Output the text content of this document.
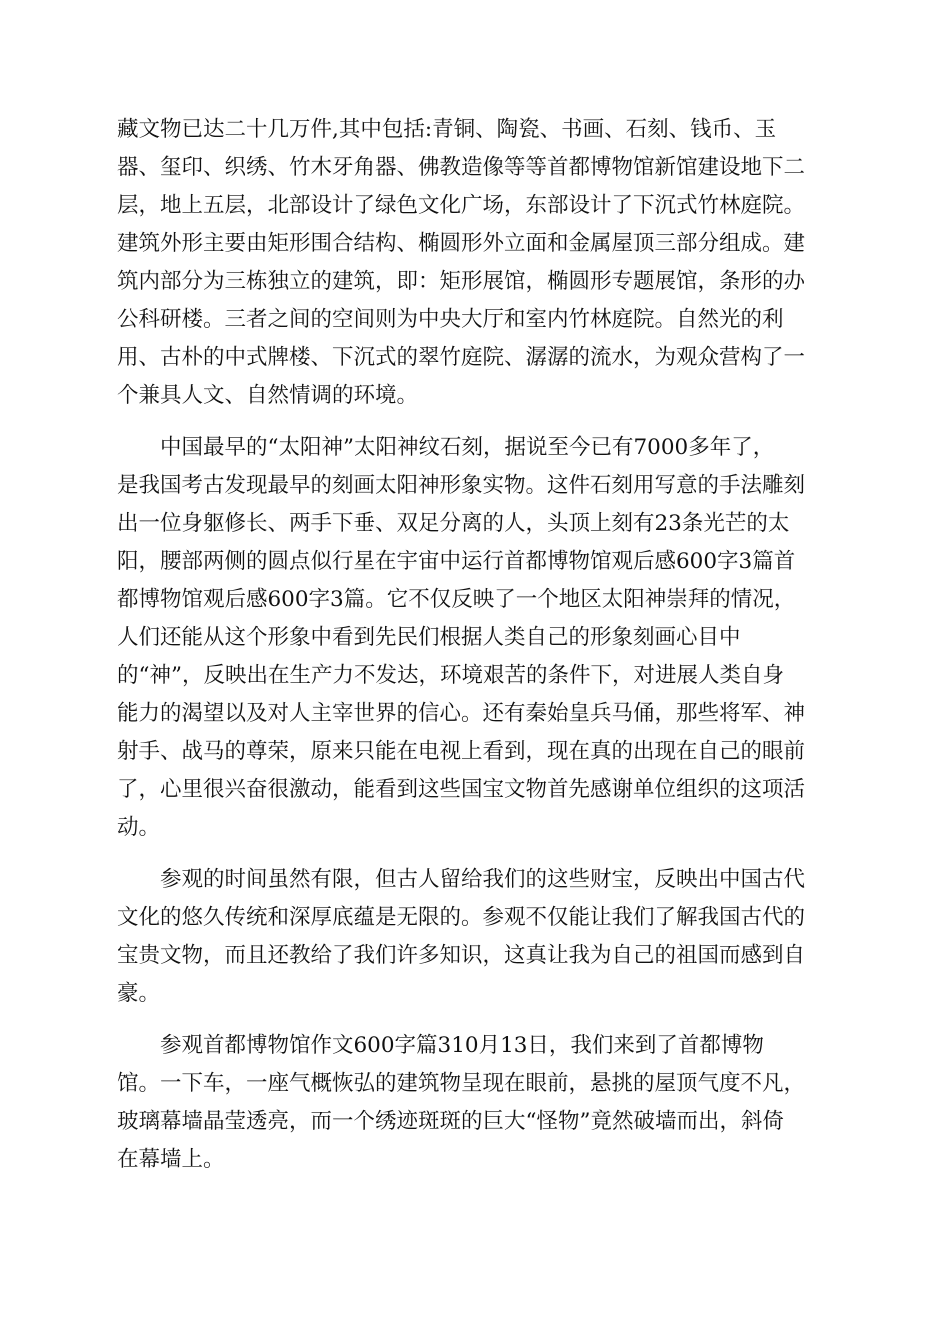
藏文物已达二十几万件,其中包括:青铜、陶瓷、书画、石刻、钱币、玉
器、玺印、织绣、竹木牙角器、佛教造像等等首都博物馆新馆建设地下二
层，地上五层，北部设计了绿色文化广场，东部设计了下沉式竹林庭院。
建筑外形主要由矩形围合结构、椭圆形外立面和金属屋顶三部分组成。建
筑内部分为三栋独立的建筑，即：矩形展馆，椭圆形专题展馆，条形的办
公科研楼。三者之间的空间则为中央大厅和室内竹林庭院。自然光的利
用、古朴的中式牌楼、下沉式的翠竹庭院、潺潺的流水，为观众营构了一
个兼具人文、自然情调的环境。
中国最早的“太阳神”太阳神纹石刻，据说至今已有7000多年了，
是我国考古发现最早的刻画太阳神形象实物。这件石刻用写意的手法雕刻
出一位身躯修长、两手下垂、双足分离的人，头顶上刻有23条光芒的太
阳，腰部两侧的圆点似行星在宇宙中运行首都博物馆观后感600字3篇首
都博物馆观后感600字3篇。它不仅反映了一个地区太阳神崇拜的情况，
人们还能从这个形象中看到先民们根据人类自己的形象刻画心目中
的“神”，反映出在生产力不发达，环境艰苦的条件下，对进展人类自身
能力的渴望以及对人主宰世界的信心。还有秦始皇兵马俑，那些将军、神
射手、战马的尊荣，原来只能在电视上看到，现在真的出现在自己的眼前
了，心里很兴奋很激动，能看到这些国宝文物首先感谢单位组织的这项活
动。
参观的时间虽然有限，但古人留给我们的这些财宝，反映出中国古代
文化的悠久传统和深厚底蕴是无限的。参观不仅能让我们了解我国古代的
宝贵文物，而且还教给了我们许多知识，这真让我为自己的祖国而感到自
豪。
参观首都博物馆作文600字篇310月13日，我们来到了首都博物
馆。一下车，一座气概恢弘的建筑物呈现在眼前，悬挑的屋顶气度不凡，
玻璃幕墙晶莹透亮，而一个绣迹斑斑的巨大“怪物”竟然破墙而出，斜倚
在幕墙上。
